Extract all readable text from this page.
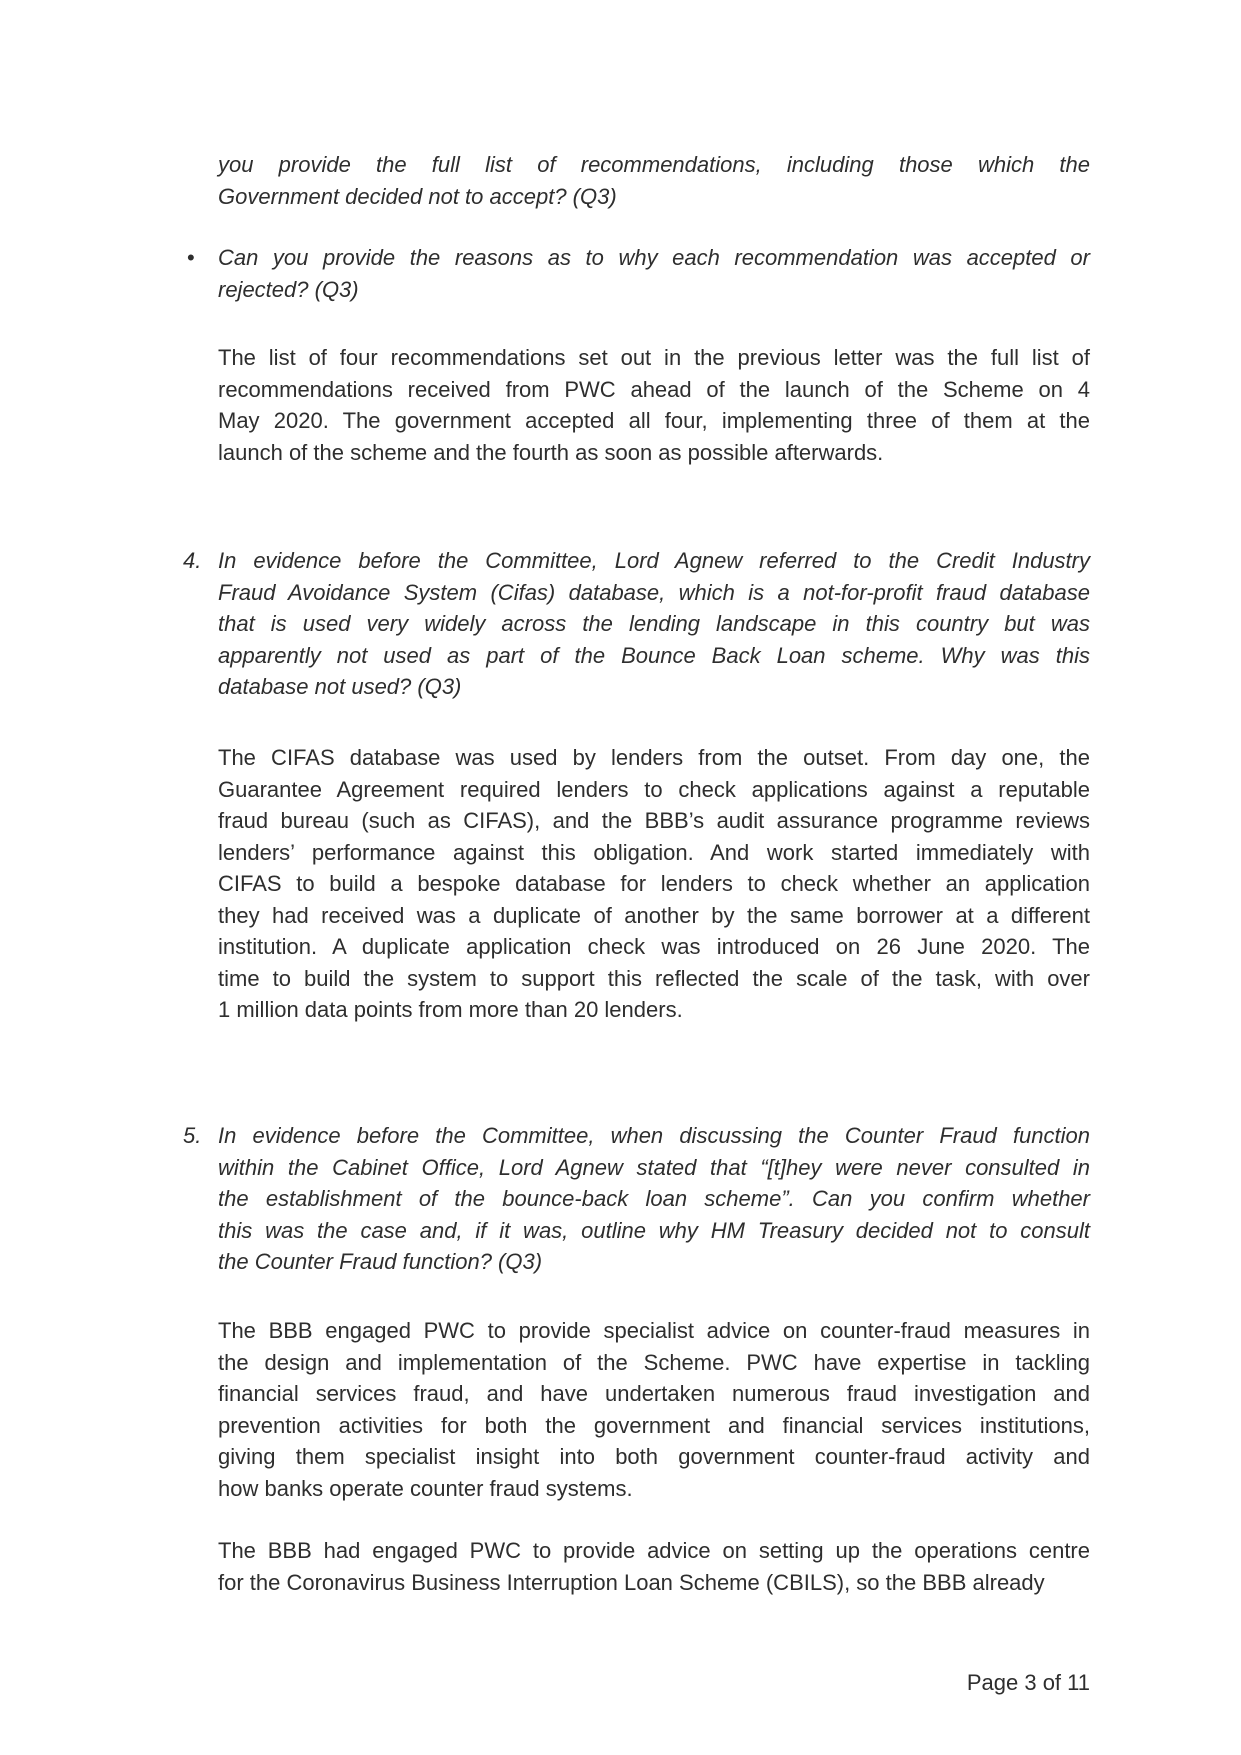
you provide the full list of recommendations, including those which the
Government decided not to accept? (Q3)
• Can you provide the reasons as to why each recommendation was accepted or
rejected? (Q3)
The list of four recommendations set out in the previous letter was the full list of
recommendations received from PWC ahead of the launch of the Scheme on 4
May 2020. The government accepted all four, implementing three of them at the
launch of the scheme and the fourth as soon as possible afterwards.
4. In evidence before the Committee, Lord Agnew referred to the Credit Industry
Fraud Avoidance System (Cifas) database, which is a not-for-profit fraud database
that is used very widely across the lending landscape in this country but was
apparently not used as part of the Bounce Back Loan scheme. Why was this
database not used? (Q3)
The CIFAS database was used by lenders from the outset. From day one, the
Guarantee Agreement required lenders to check applications against a reputable
fraud bureau (such as CIFAS), and the BBB’s audit assurance programme reviews
lenders’ performance against this obligation. And work started immediately with
CIFAS to build a bespoke database for lenders to check whether an application
they had received was a duplicate of another by the same borrower at a different
institution. A duplicate application check was introduced on 26 June 2020. The
time to build the system to support this reflected the scale of the task, with over
1 million data points from more than 20 lenders.
5. In evidence before the Committee, when discussing the Counter Fraud function
within the Cabinet Office, Lord Agnew stated that “[t]hey were never consulted in
the establishment of the bounce-back loan scheme”. Can you confirm whether
this was the case and, if it was, outline why HM Treasury decided not to consult
the Counter Fraud function? (Q3)
The BBB engaged PWC to provide specialist advice on counter-fraud measures in
the design and implementation of the Scheme. PWC have expertise in tackling
financial services fraud, and have undertaken numerous fraud investigation and
prevention activities for both the government and financial services institutions,
giving them specialist insight into both government counter-fraud activity and
how banks operate counter fraud systems.
The BBB had engaged PWC to provide advice on setting up the operations centre
for the Coronavirus Business Interruption Loan Scheme (CBILS), so the BBB already
Page 3 of 11
